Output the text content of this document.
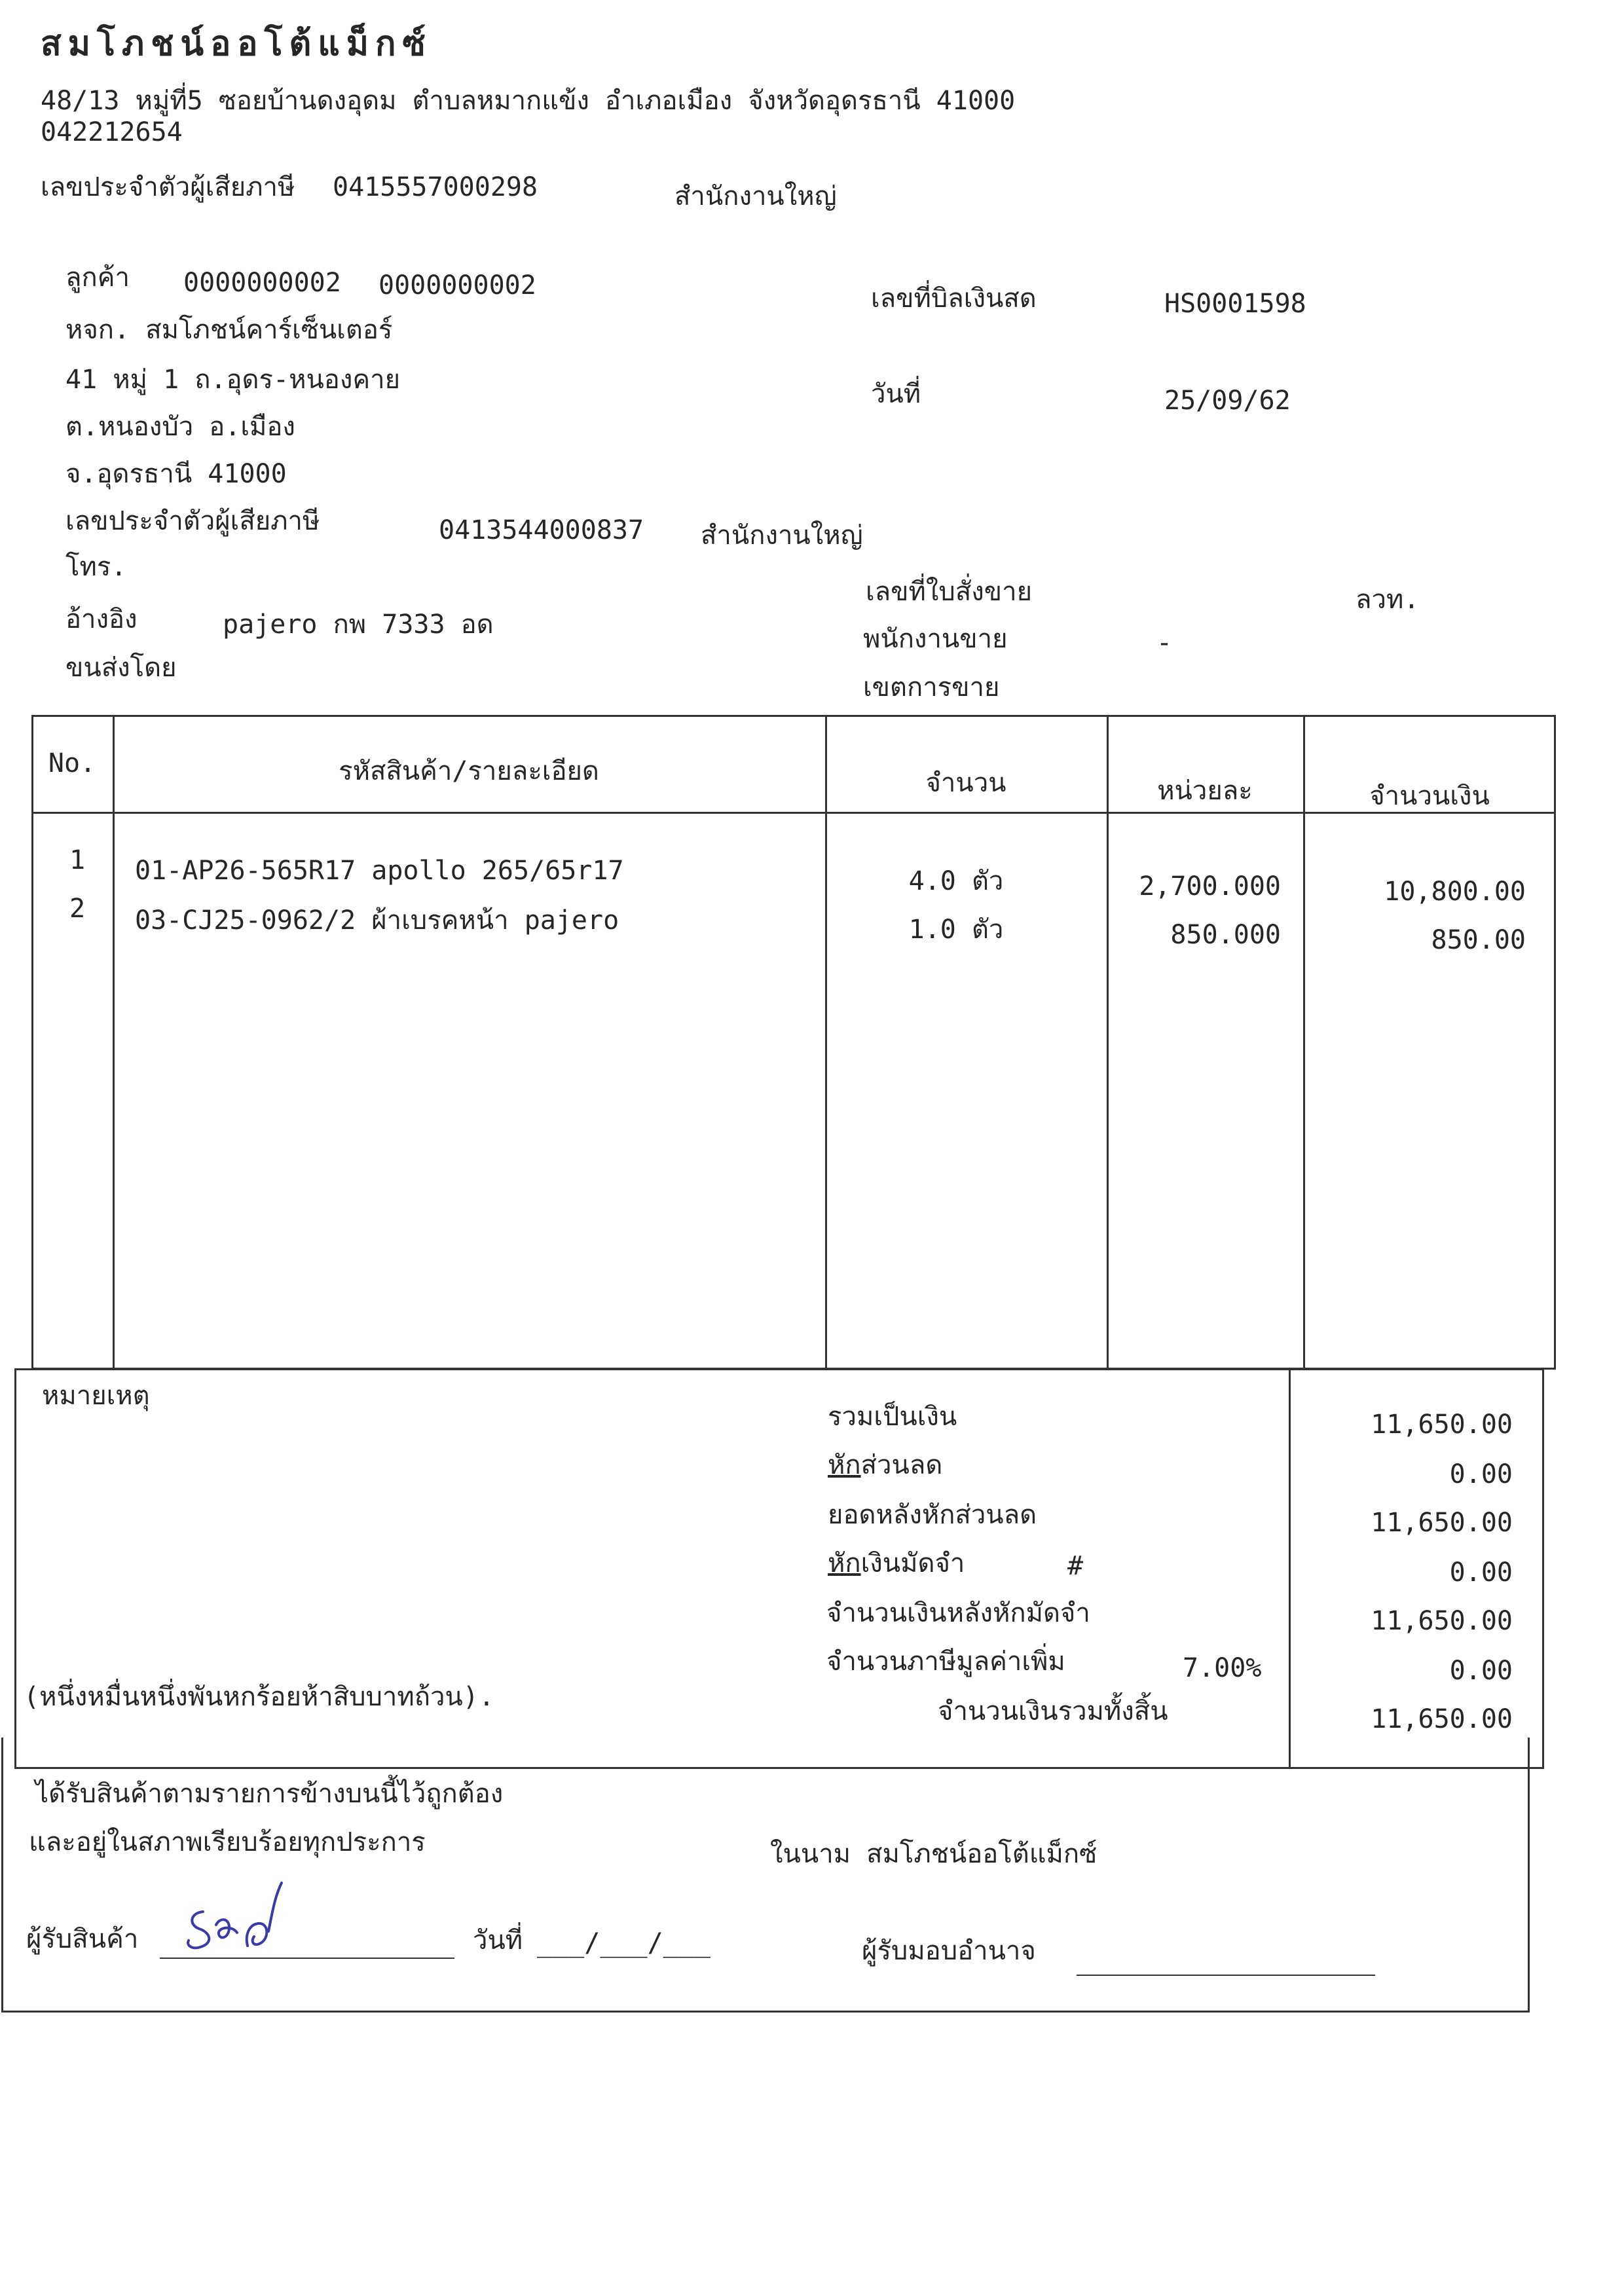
สมโภชน์ออโต้แม็กซ์
48/13 หมู่ที่5 ซอยบ้านดงอุดม ตำบลหมากแข้ง อำเภอเมือง จังหวัดอุดรธานี 41000
042212654
เลขประจำตัวผู้เสียภาษี 0415557000298	สำนักงานใหญ่
ลูกค้า 0000000002 0000000002
หจก. สมโภชน์คาร์เซ็นเตอร์
41 หมู่ 1 ถ.อุดร-หนองคาย
ต.หนองบัว อ.เมือง
จ.อุดรธานี 41000
เลขประจำตัวผู้เสียภาษี	0413544000837 สำนักงานใหญ่
โทร.
อ้างอิง	pajero กพ 7333 อด
ขนส่งโดย
เลขที่บิลเงินสด	HS0001598
วันที่	25/09/62
เลขที่ใบสั่งขาย	ลวท.
พนักงานขาย	-
เขตการขาย
No.	รหัสสินค้า/รายละเอียด	จำนวน	หน่วยละ	จำนวนเงิน
1	01-AP26-565R17 apollo 265/65r17	4.0 ตัว	2,700.000	10,800.00
2	03-CJ25-0962/2 ผ้าเบรคหน้า pajero	1.0 ตัว	850.000	850.00
หมายเหตุ
(หนึ่งหมื่นหนึ่งพันหกร้อยห้าสิบบาทถ้วน).
รวมเป็นเงิน	11,650.00
หักส่วนลด	0.00
ยอดหลังหักส่วนลด	11,650.00
หักเงินมัดจำ	#	0.00
จำนวนเงินหลังหักมัดจำ	11,650.00
จำนวนภาษีมูลค่าเพิ่ม	7.00%	0.00
จำนวนเงินรวมทั้งสิ้น	11,650.00
ได้รับสินค้าตามรายการข้างบนนี้ไว้ถูกต้อง
และอยู่ในสภาพเรียบร้อยทุกประการ	ในนาม สมโภชน์ออโต้แม็กซ์
ผู้รับสินค้า	วันที่ ___/___/___	ผู้รับมอบอำนาจ
